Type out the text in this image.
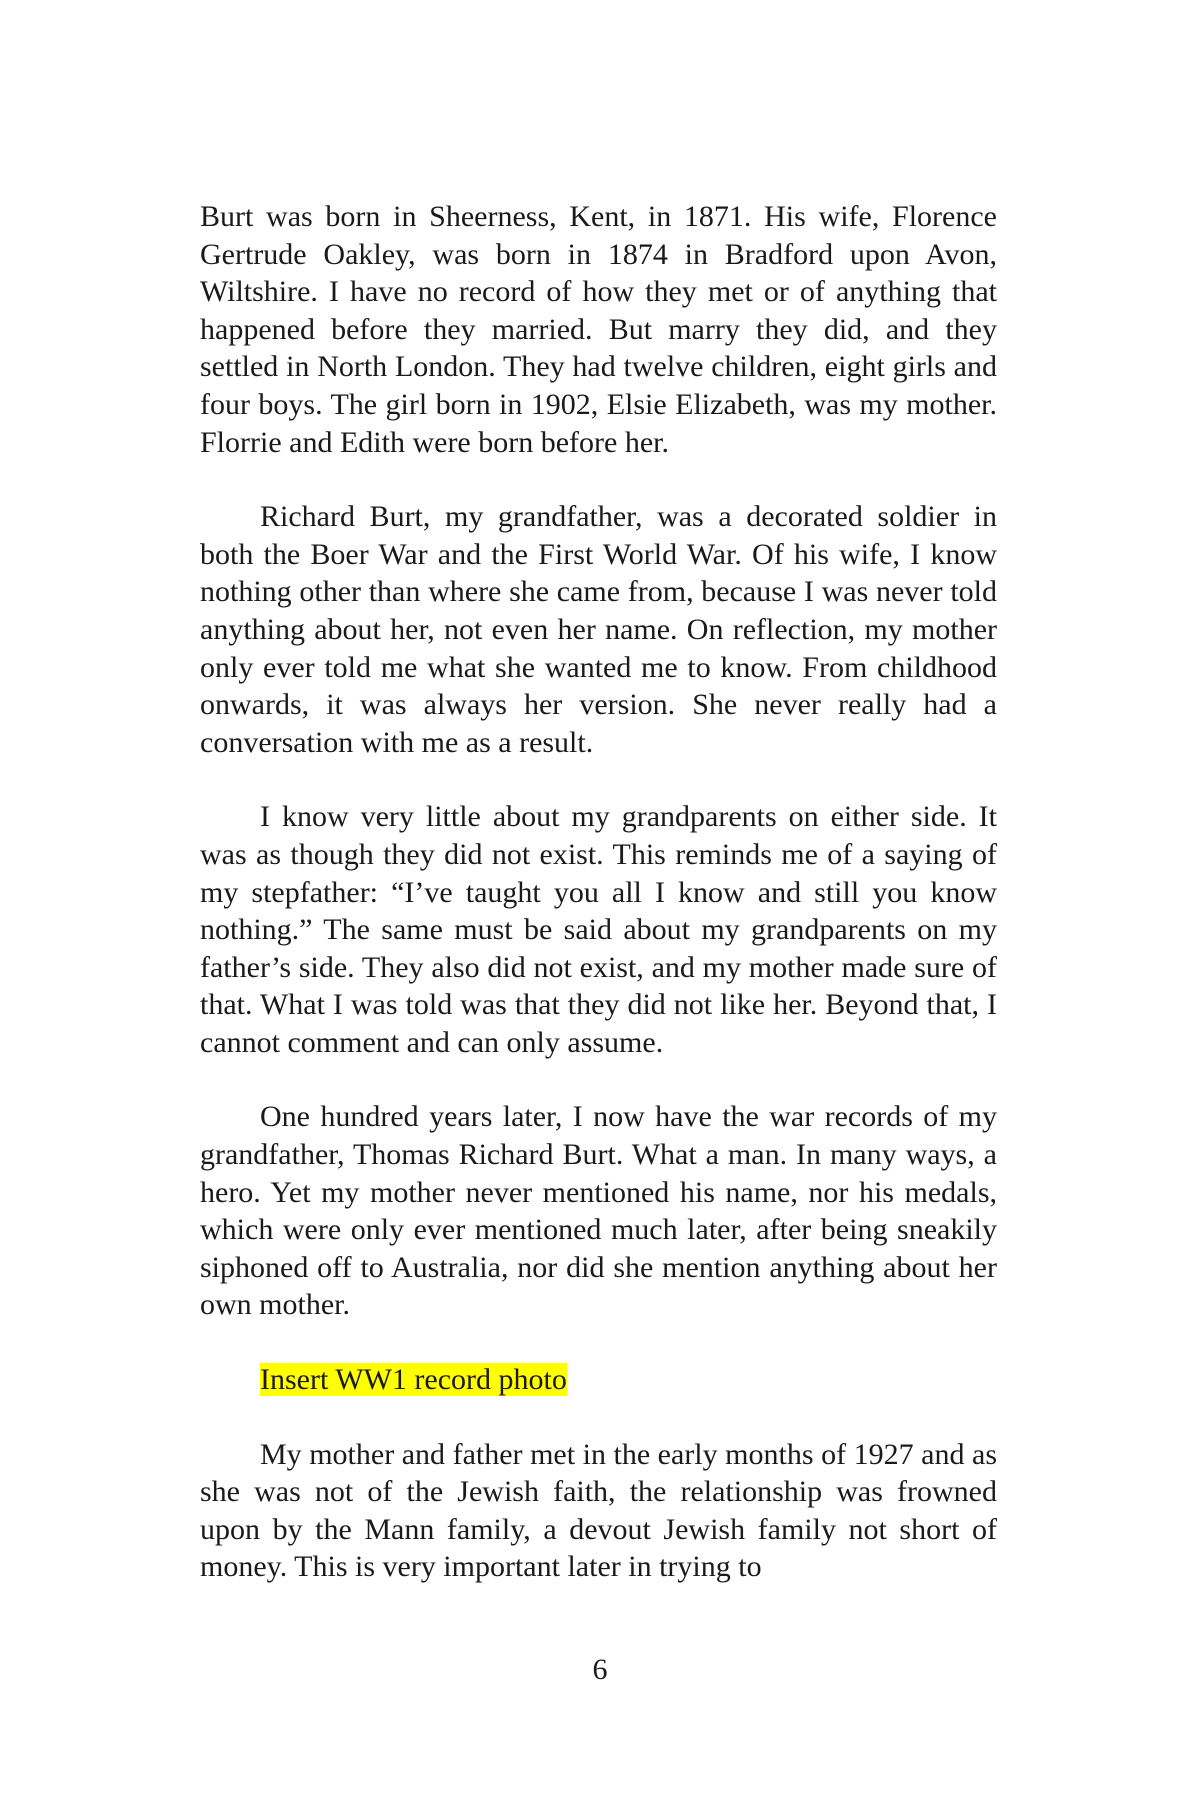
Burt was born in Sheerness, Kent, in 1871. His wife, Florence Gertrude Oakley, was born in 1874 in Bradford upon Avon, Wiltshire. I have no record of how they met or of anything that happened before they married. But marry they did, and they settled in North London. They had twelve children, eight girls and four boys. The girl born in 1902, Elsie Elizabeth, was my mother. Florrie and Edith were born before her.

Richard Burt, my grandfather, was a decorated soldier in both the Boer War and the First World War. Of his wife, I know nothing other than where she came from, because I was never told anything about her, not even her name. On reflection, my mother only ever told me what she wanted me to know. From childhood onwards, it was always her version. She never really had a conversation with me as a result.

I know very little about my grandparents on either side. It was as though they did not exist. This reminds me of a saying of my stepfather: “I’ve taught you all I know and still you know nothing.” The same must be said about my grandparents on my father’s side. They also did not exist, and my mother made sure of that. What I was told was that they did not like her. Beyond that, I cannot comment and can only assume.

One hundred years later, I now have the war records of my grandfather, Thomas Richard Burt. What a man. In many ways, a hero. Yet my mother never mentioned his name, nor his medals, which were only ever mentioned much later, after being sneakily siphoned off to Australia, nor did she mention anything about her own mother.

Insert WW1 record photo

My mother and father met in the early months of 1927 and as she was not of the Jewish faith, the relationship was frowned upon by the Mann family, a devout Jewish family not short of money. This is very important later in trying to

6
